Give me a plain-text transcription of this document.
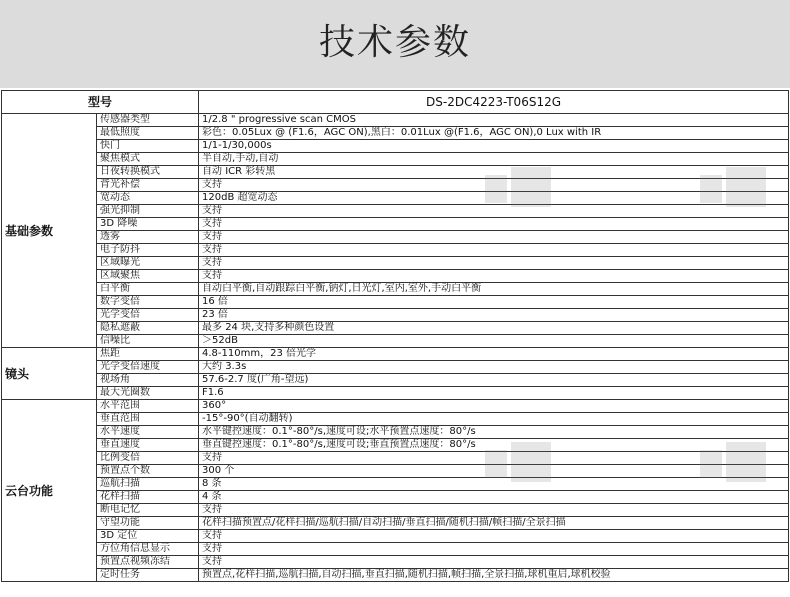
技术参数
型号		DS-2DC4223-T06S12G
基础参数	传感器类型	1/2.8 " progressive scan CMOS
	最低照度	彩色：0.05Lux @ (F1.6，AGC ON),黑白：0.01Lux @(F1.6，AGC ON),0 Lux with IR
	快门	1/1-1/30,000s
	聚焦模式	半自动,手动,自动
	日夜转换模式	自动 ICR 彩转黑
	背光补偿	支持
	宽动态	120dB 超宽动态
	强光抑制	支持
	3D 降噪	支持
	透雾	支持
	电子防抖	支持
	区域曝光	支持
	区域聚焦	支持
	白平衡	自动白平衡,自动跟踪白平衡,钠灯,日光灯,室内,室外,手动白平衡
	数字变倍	16 倍
	光学变倍	23 倍
	隐私遮蔽	最多 24 块,支持多种颜色设置
	信噪比	＞52dB
镜头	焦距	4.8-110mm，23 倍光学
	光学变倍速度	大约 3.3s
	视场角	57.6-2.7 度(广角-望远)
	最大光圈数	F1.6
云台功能	水平范围	360°
	垂直范围	-15°-90°(自动翻转)
	水平速度	水平键控速度：0.1°-80°/s,速度可设;水平预置点速度：80°/s
	垂直速度	垂直键控速度：0.1°-80°/s,速度可设;垂直预置点速度：80°/s
	比例变倍	支持
	预置点个数	300 个
	巡航扫描	8 条
	花样扫描	4 条
	断电记忆	支持
	守望功能	花样扫描预置点/花样扫描/巡航扫描/自动扫描/垂直扫描/随机扫描/帧扫描/全景扫描
	3D 定位	支持
	方位角信息显示	支持
	预置点视频冻结	支持
	定时任务	预置点,花样扫描,巡航扫描,自动扫描,垂直扫描,随机扫描,帧扫描,全景扫描,球机重启,球机校验
